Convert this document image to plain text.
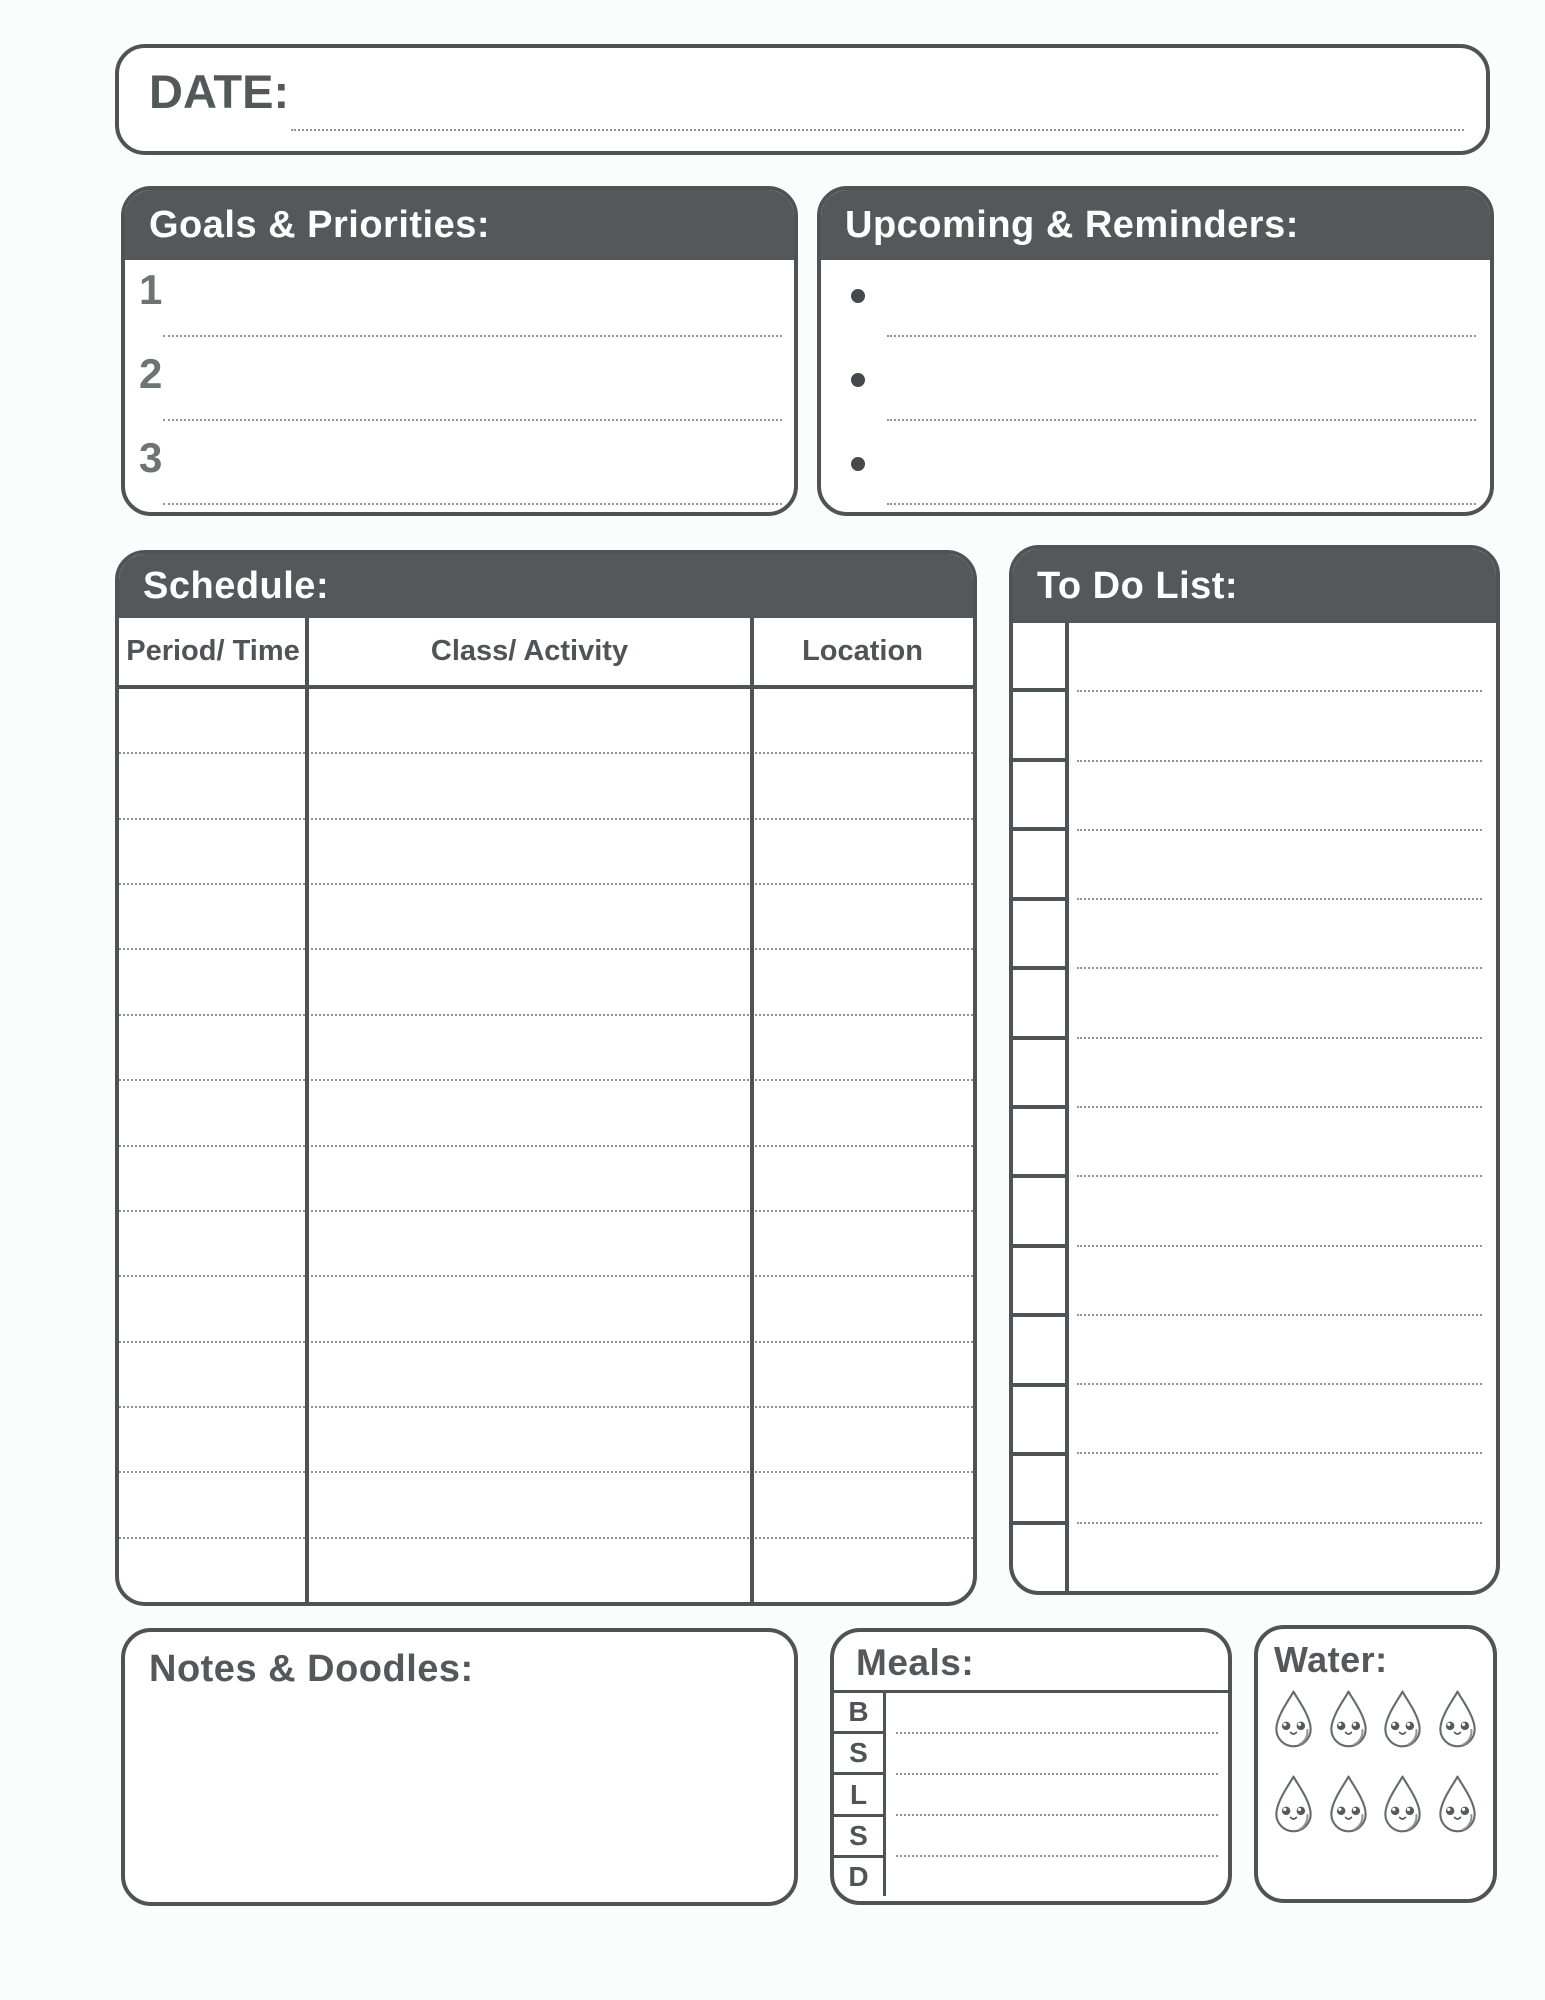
DATE:
Goals & Priorities:
1
2
3
Upcoming & Reminders:
Schedule:
Period/ Time	Class/ Activity	Location
To Do List:
Notes & Doodles:	Meals:
B
S
L
S
D
Water:
